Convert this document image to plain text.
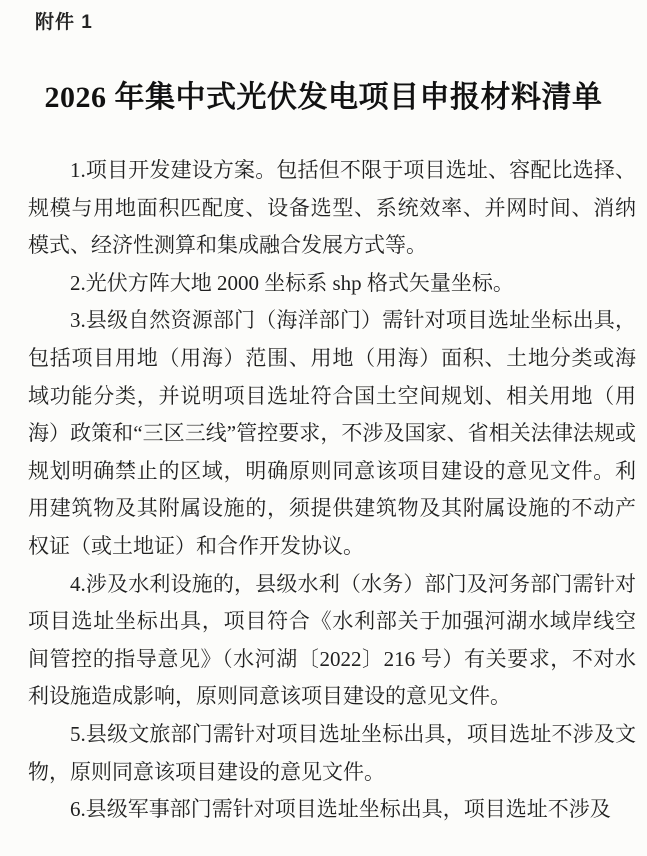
附件 1
2026 年集中式光伏发电项目申报材料清单

1.项目开发建设方案。包括但不限于项目选址、容配比选择、规模与用地面积匹配度、设备选型、系统效率、并网时间、消纳模式、经济性测算和集成融合发展方式等。

2.光伏方阵大地 2000 坐标系 shp 格式矢量坐标。

3.县级自然资源部门（海洋部门）需针对项目选址坐标出具，包括项目用地（用海）范围、用地（用海）面积、土地分类或海域功能分类，并说明项目选址符合国土空间规划、相关用地（用海）政策和“三区三线”管控要求，不涉及国家、省相关法律法规或规划明确禁止的区域，明确原则同意该项目建设的意见文件。利用建筑物及其附属设施的，须提供建筑物及其附属设施的不动产权证（或土地证）和合作开发协议。

4.涉及水利设施的，县级水利（水务）部门及河务部门需针对项目选址坐标出具，项目符合《水利部关于加强河湖水域岸线空间管控的指导意见》（水河湖〔2022〕216 号）有关要求，不对水利设施造成影响，原则同意该项目建设的意见文件。

5.县级文旅部门需针对项目选址坐标出具，项目选址不涉及文物，原则同意该项目建设的意见文件。

6.县级军事部门需针对项目选址坐标出具，项目选址不涉及
